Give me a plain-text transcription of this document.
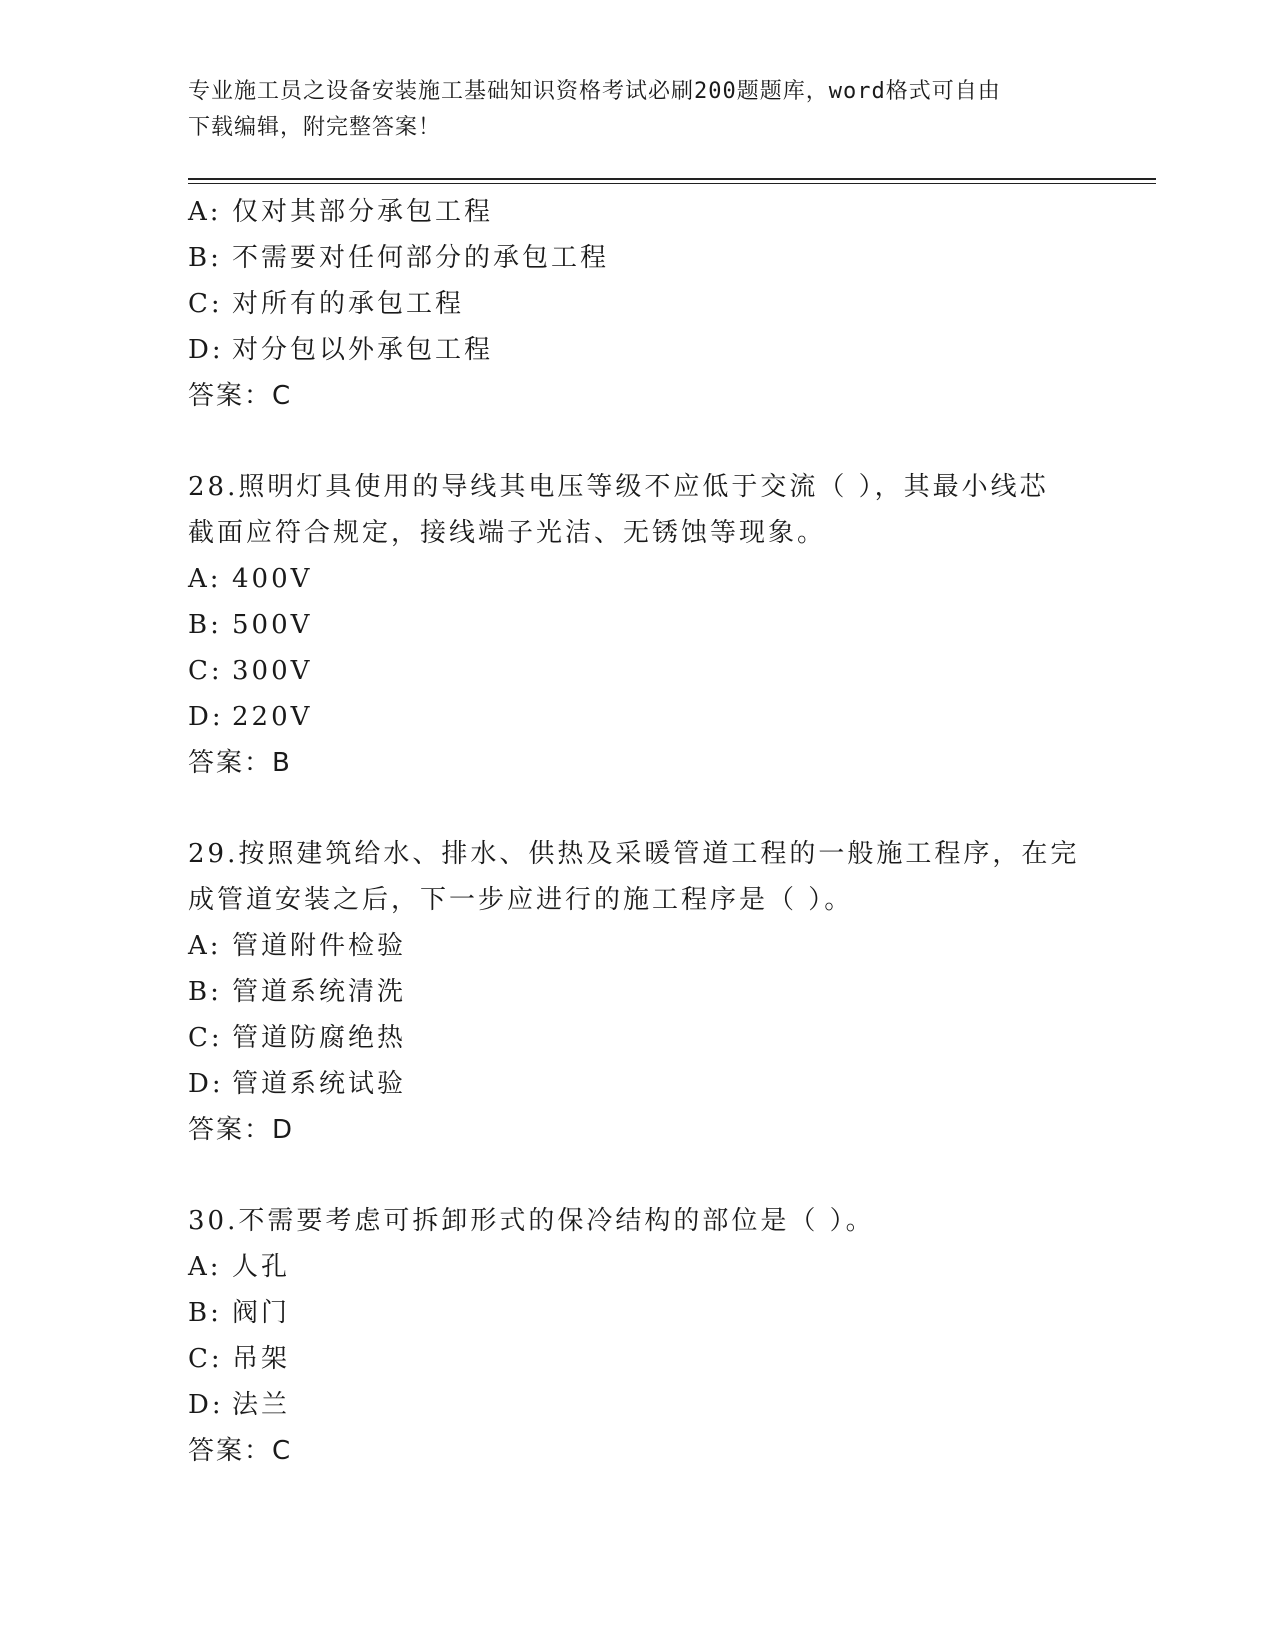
专业施工员之设备安装施工基础知识资格考试必刷200题题库，word格式可自由
下载编辑，附完整答案！
A: 仅对其部分承包工程
B: 不需要对任何部分的承包工程
C: 对所有的承包工程
D: 对分包以外承包工程
答案：C
28.照明灯具使用的导线其电压等级不应低于交流（ ），其最小线芯
截面应符合规定，接线端子光洁、无锈蚀等现象。
A: 400V
B: 500V
C: 300V
D: 220V
答案：B
29.按照建筑给水、排水、供热及采暖管道工程的一般施工程序，在完
成管道安装之后，下一步应进行的施工程序是（ ）。
A: 管道附件检验
B: 管道系统清洗
C: 管道防腐绝热
D: 管道系统试验
答案：D
30.不需要考虑可拆卸形式的保冷结构的部位是（ ）。
A: 人孔
B: 阀门
C: 吊架
D: 法兰
答案：C
